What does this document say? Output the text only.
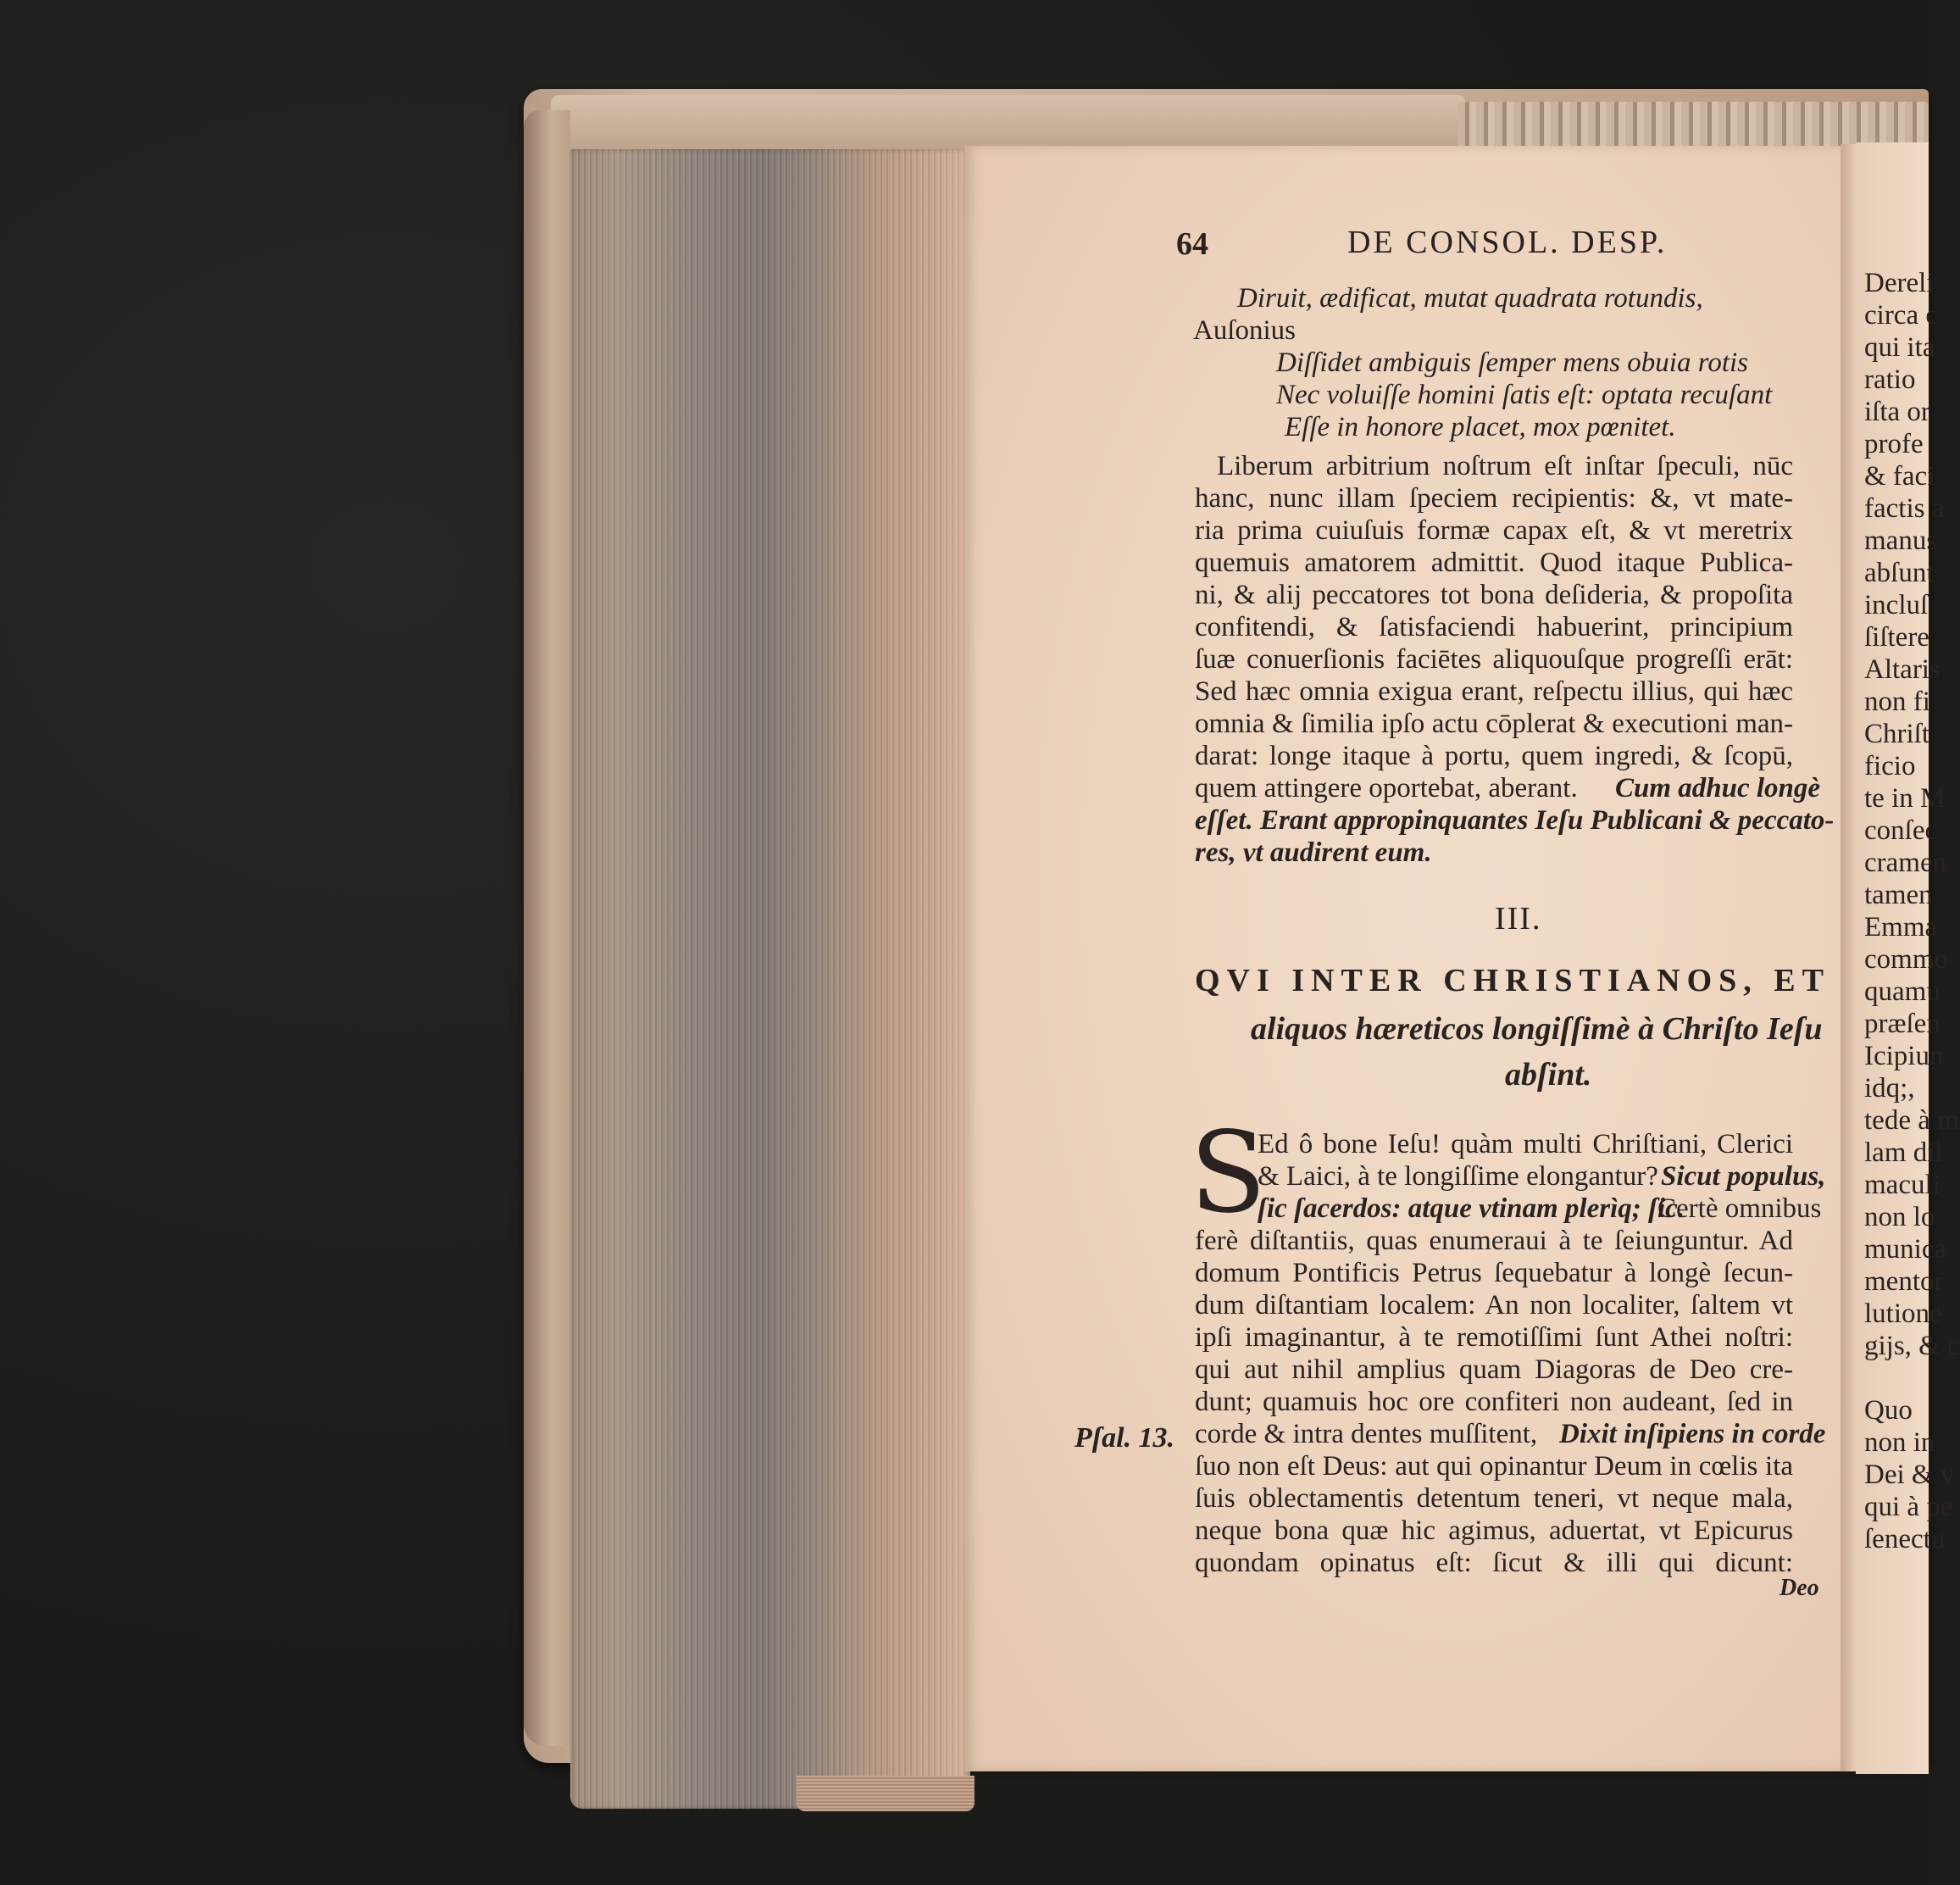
Dereli
circa c
qui ita
ratio
iſta or
profe
& faci
factis a
manus
abſunt
incluſ
ſiſtere
Altaris
non fi
Chriſt
ficio
te in M
conſec
cramen
tamen
Emma
commo
quamu
præſen
Icipiun
idq;,
tede à m
lam dil
maculi
non lo
munica
mentor
lutione
gijs, & c
Quo
non in
Dei & v
qui à pe
ſenectu
64	DE CONSOL. DESP.
Diruit, ædificat, mutat quadrata rotundis,
Auſonius
Diſſidet ambiguis ſemper mens obuia rotis
Nec voluiſſe homini ſatis eſt: optata recuſant
Eſſe in honore placet, mox pœnitet.
Liberum arbitrium noſtrum eſt inſtar ſpeculi, nūc
hanc, nunc illam ſpeciem recipientis: &, vt mate-
ria prima cuiuſuis formæ capax eſt, & vt meretrix
quemuis amatorem admittit. Quod itaque Publica-
ni, & alij peccatores tot bona deſideria, & propoſita
confitendi, & ſatisfaciendi habuerint, principium
ſuæ conuerſionis faciētes aliquouſque progreſſi erāt:
Sed hæc omnia exigua erant, reſpectu illius, qui hæc
omnia & ſimilia ipſo actu cōplerat & executioni man-
darat: longe itaque à portu, quem ingredi, & ſcopū,
quem attingere oportebat, aberant. Cum adhuc longè
eſſet. Erant appropinquantes Ieſu Publicani & peccato-
res, vt audirent eum.
III.
QVI INTER CHRISTIANOS, ET
aliquos hæreticos longiſſimè à Chriſto Ieſu
abſint.
S
Ed ô bone Ieſu! quàm multi Chriſtiani, Clerici
& Laici, à te longiſſime elongantur? Sicut populus,
ſic ſacerdos: atque vtinam plerìq; ſic.
Certè omnibus
ferè diſtantiis, quas enumeraui à te ſeiunguntur. Ad
domum Pontificis Petrus ſequebatur à longè ſecun-
dum diſtantiam localem: An non localiter, ſaltem vt
ipſi imaginantur, à te remotiſſimi ſunt Athei noſtri:
qui aut nihil amplius quam Diagoras de Deo cre-
dunt; quamuis hoc ore confiteri non audeant, ſed in
corde & intra dentes muſſitent, Dixit inſipiens in corde
ſuo non eſt Deus: aut qui opinantur Deum in cœlis ita
ſuis oblectamentis detentum teneri, vt neque mala,
neque bona quæ hic agimus, aduertat, vt Epicurus
quondam opinatus eſt: ſicut & illi qui dicunt:
Pſal. 13.
Deo
